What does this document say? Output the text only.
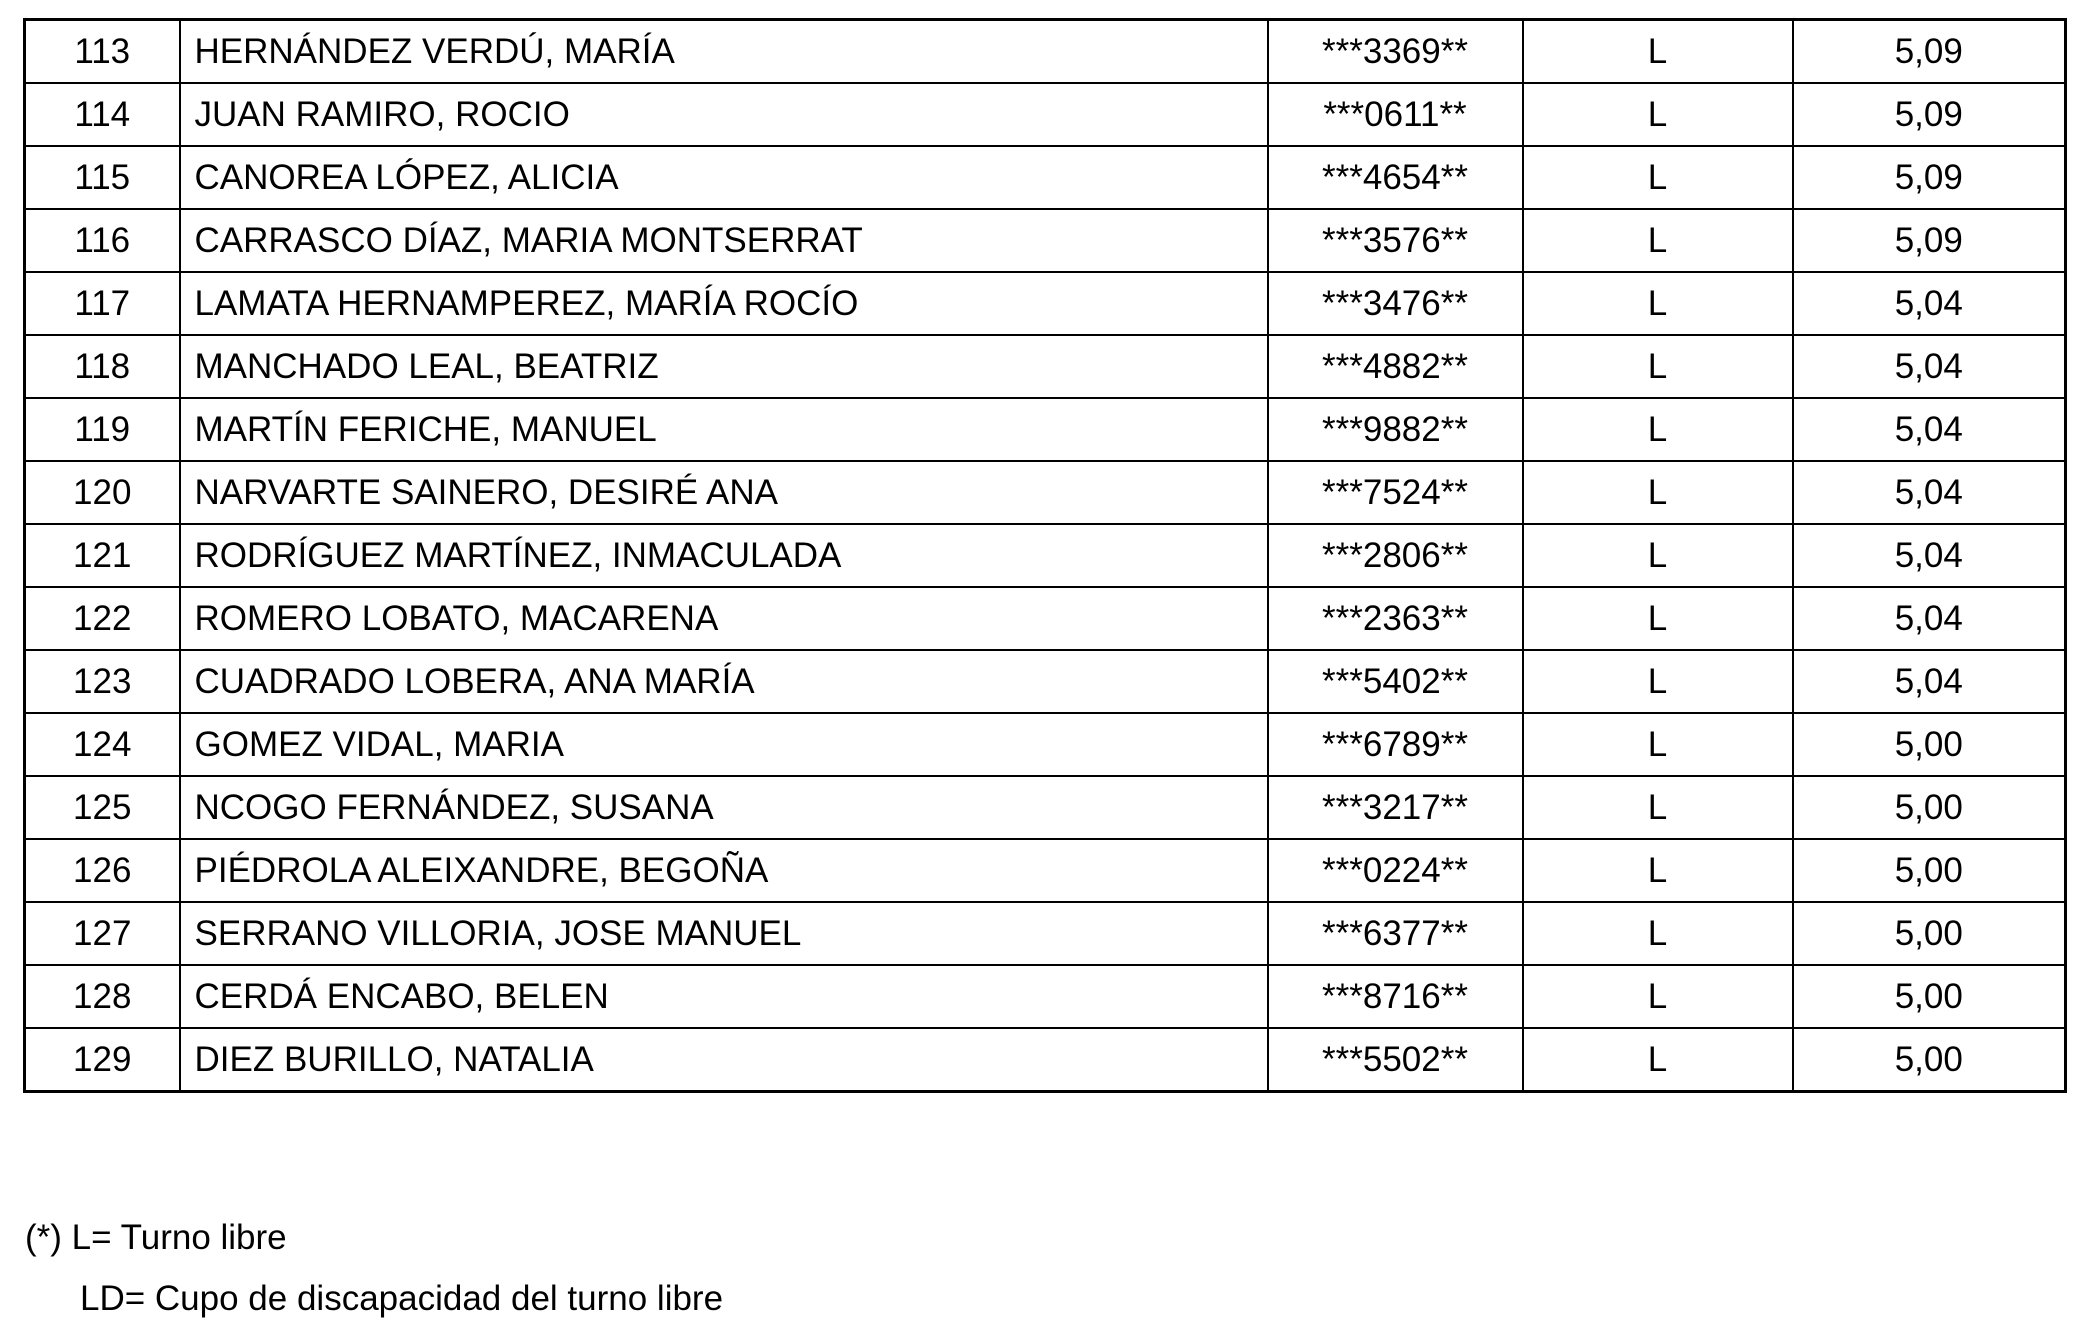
113	HERNÁNDEZ VERDÚ, MARÍA	***3369**	L	5,09
114	JUAN RAMIRO, ROCIO	***0611**	L	5,09
115	CANOREA LÓPEZ, ALICIA	***4654**	L	5,09
116	CARRASCO DÍAZ, MARIA MONTSERRAT	***3576**	L	5,09
117	LAMATA HERNAMPEREZ, MARÍA ROCÍO	***3476**	L	5,04
118	MANCHADO LEAL, BEATRIZ	***4882**	L	5,04
119	MARTÍN FERICHE, MANUEL	***9882**	L	5,04
120	NARVARTE SAINERO, DESIRÉ ANA	***7524**	L	5,04
121	RODRÍGUEZ MARTÍNEZ, INMACULADA	***2806**	L	5,04
122	ROMERO LOBATO, MACARENA	***2363**	L	5,04
123	CUADRADO LOBERA, ANA MARÍA	***5402**	L	5,04
124	GOMEZ VIDAL, MARIA	***6789**	L	5,00
125	NCOGO FERNÁNDEZ, SUSANA	***3217**	L	5,00
126	PIÉDROLA ALEIXANDRE, BEGOÑA	***0224**	L	5,00
127	SERRANO VILLORIA, JOSE MANUEL	***6377**	L	5,00
128	CERDÁ ENCABO, BELEN	***8716**	L	5,00
129	DIEZ BURILLO, NATALIA	***5502**	L	5,00
(*) L= Turno libre
LD= Cupo de discapacidad del turno libre
